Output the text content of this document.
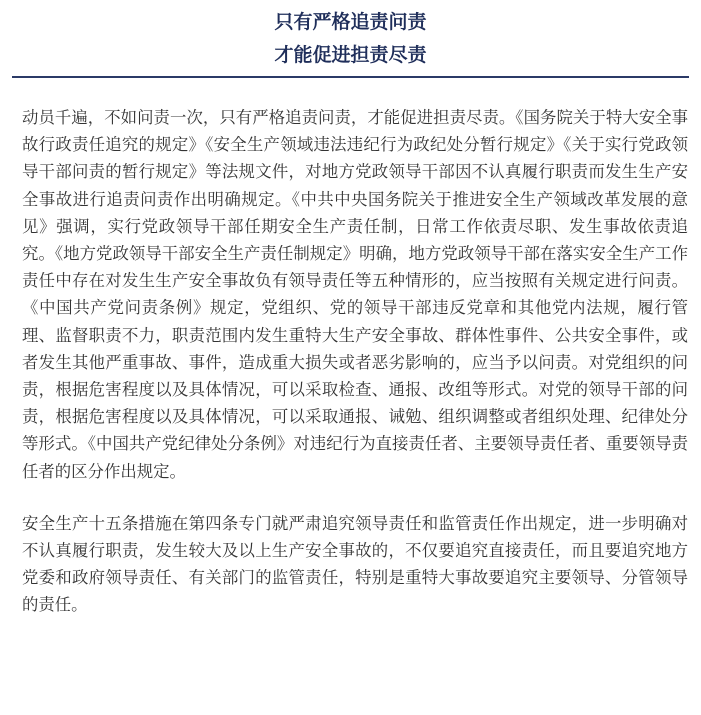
只有严格追责问责
才能促进担责尽责

动员千遍，不如问责一次，只有严格追责问责，才能促进担责尽责。《国务院关于特大安全事故行政责任追究的规定》《安全生产领域违法违纪行为政纪处分暂行规定》《关于实行党政领导干部问责的暂行规定》等法规文件，对地方党政领导干部因不认真履行职责而发生生产安全事故进行追责问责作出明确规定。《中共中央国务院关于推进安全生产领域改革发展的意见》强调，实行党政领导干部任期安全生产责任制，日常工作依责尽职、发生事故依责追究。《地方党政领导干部安全生产责任制规定》明确，地方党政领导干部在落实安全生产工作责任中存在对发生生产安全事故负有领导责任等五种情形的，应当按照有关规定进行问责。《中国共产党问责条例》规定，党组织、党的领导干部违反党章和其他党内法规，履行管理、监督职责不力，职责范围内发生重特大生产安全事故、群体性事件、公共安全事件，或者发生其他严重事故、事件，造成重大损失或者恶劣影响的，应当予以问责。对党组织的问责，根据危害程度以及具体情况，可以采取检查、通报、改组等形式。对党的领导干部的问责，根据危害程度以及具体情况，可以采取通报、诫勉、组织调整或者组织处理、纪律处分等形式。《中国共产党纪律处分条例》对违纪行为直接责任者、主要领导责任者、重要领导责任者的区分作出规定。

安全生产十五条措施在第四条专门就严肃追究领导责任和监管责任作出规定，进一步明确对不认真履行职责，发生较大及以上生产安全事故的，不仅要追究直接责任，而且要追究地方党委和政府领导责任、有关部门的监管责任，特别是重特大事故要追究主要领导、分管领导的责任。
